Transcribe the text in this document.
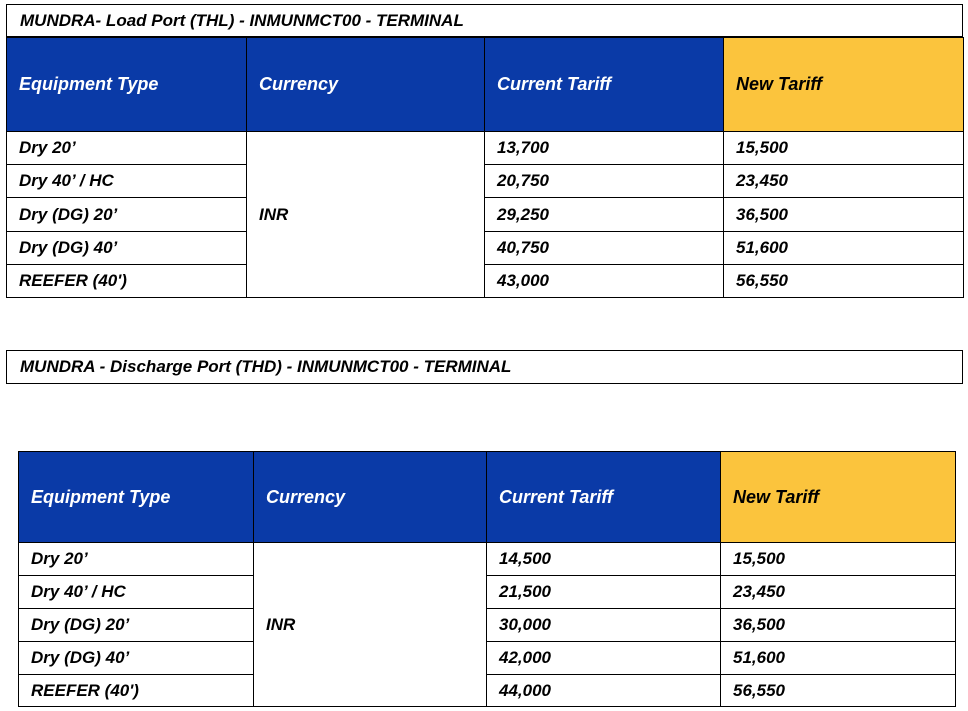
MUNDRA- Load Port (THL) - INMUNMCT00 - TERMINAL
Equipment Type	Currency	Current Tariff	New Tariff
Dry 20’	INR	13,700	15,500
Dry 40’ / HC		20,750	23,450
Dry (DG) 20’		29,250	36,500
Dry (DG) 40’		40,750	51,600
REEFER (40')		43,000	56,550
MUNDRA - Discharge Port (THD) - INMUNMCT00 - TERMINAL
Equipment Type	Currency	Current Tariff	New Tariff
Dry 20’	INR	14,500	15,500
Dry 40’ / HC		21,500	23,450
Dry (DG) 20’		30,000	36,500
Dry (DG) 40’		42,000	51,600
REEFER (40')		44,000	56,550
